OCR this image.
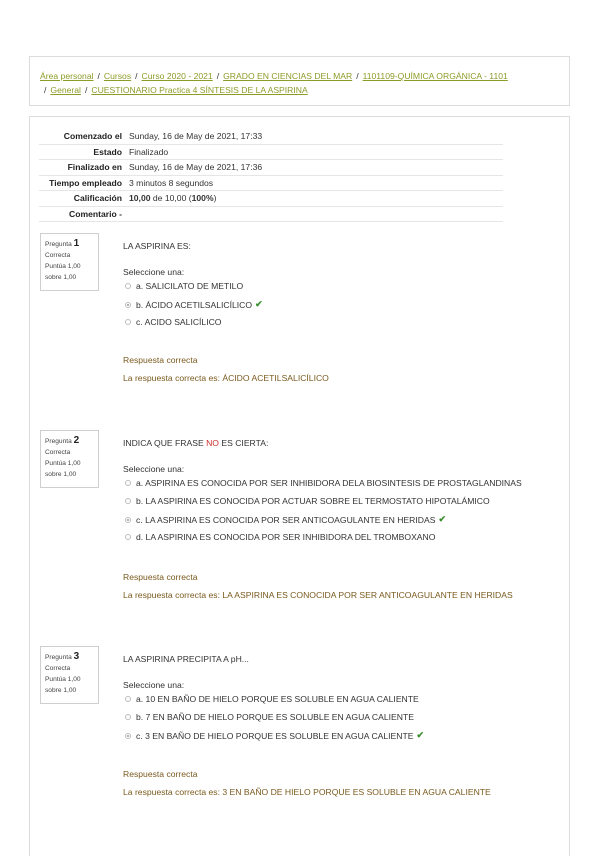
Área personal / Cursos / Curso 2020 - 2021 / GRADO EN CIENCIAS DEL MAR / 1101109-QUÍMICA ORGÁNICA - 1101
/ General / CUESTIONARIO Practica 4 SÍNTESIS DE LA ASPIRINA
Comenzado el	Sunday, 16 de May de 2021, 17:33
Estado	Finalizado
Finalizado en	Sunday, 16 de May de 2021, 17:36
Tiempo empleado	3 minutos 8 segundos
Calificación	10,00 de 10,00 (100%)
Comentario -	
Pregunta 1
Correcta
Puntúa 1,00
sobre 1,00
LA ASPIRINA ES:
Seleccione una:
a. SALICILATO DE METILO
b. ÁCIDO ACETILSALICÍLICO ✔
c. ACIDO SALICÍLICO
Respuesta correcta
La respuesta correcta es: ÁCIDO ACETILSALICÍLICO
Pregunta 2
Correcta
Puntúa 1,00
sobre 1,00
INDICA QUE FRASE NO ES CIERTA:
Seleccione una:
a. ASPIRINA ES CONOCIDA POR SER INHIBIDORA DELA BIOSINTESIS DE PROSTAGLANDINAS
b. LA ASPIRINA ES CONOCIDA POR ACTUAR SOBRE EL TERMOSTATO HIPOTALÁMICO
c. LA ASPIRINA ES CONOCIDA POR SER ANTICOAGULANTE EN HERIDAS ✔
d. LA ASPIRINA ES CONOCIDA POR SER INHIBIDORA DEL TROMBOXANO
Respuesta correcta
La respuesta correcta es: LA ASPIRINA ES CONOCIDA POR SER ANTICOAGULANTE EN HERIDAS
Pregunta 3
Correcta
Puntúa 1,00
sobre 1,00
LA ASPIRINA PRECIPITA A pH...
Seleccione una:
a. 10 EN BAÑO DE HIELO PORQUE ES SOLUBLE EN AGUA CALIENTE
b. 7 EN BAÑO DE HIELO PORQUE ES SOLUBLE EN AGUA CALIENTE
c. 3 EN BAÑO DE HIELO PORQUE ES SOLUBLE EN AGUA CALIENTE ✔
Respuesta correcta
La respuesta correcta es: 3 EN BAÑO DE HIELO PORQUE ES SOLUBLE EN AGUA CALIENTE
